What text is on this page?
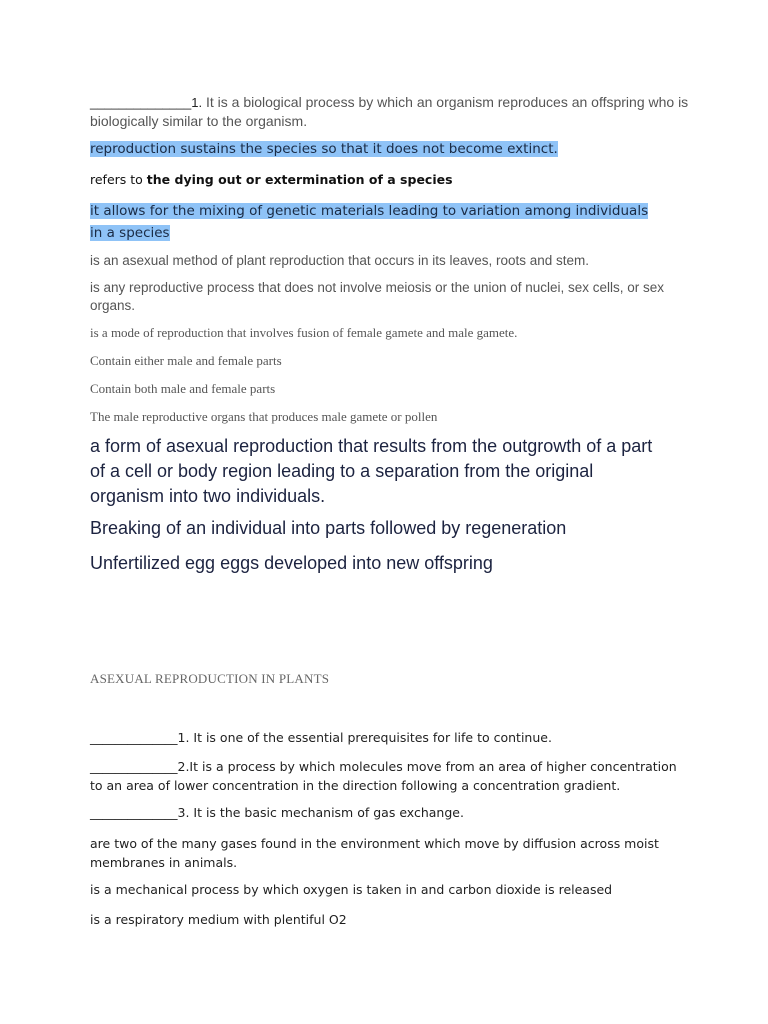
______________1. It is a biological process by which an organism reproduces an offspring who is biologically similar to the organism.

reproduction sustains the species so that it does not become extinct.

refers to the dying out or extermination of a species

it allows for the mixing of genetic materials leading to variation among individuals in a species

is an asexual method of plant reproduction that occurs in its leaves, roots and stem.

is any reproductive process that does not involve meiosis or the union of nuclei, sex cells, or sex organs.

is a mode of reproduction that involves fusion of female gamete and male gamete.

Contain either male and female parts

Contain both male and female parts

The male reproductive organs that produces male gamete or pollen

a form of asexual reproduction that results from the outgrowth of a part of a cell or body region leading to a separation from the original organism into two individuals.

Breaking of an individual into parts followed by regeneration

Unfertilized egg eggs developed into new offspring

ASEXUAL REPRODUCTION IN PLANTS

______________1. It is one of the essential prerequisites for life to continue.

______________2.It is a process by which molecules move from an area of higher concentration to an area of lower concentration in the direction following a concentration gradient.

______________3. It is the basic mechanism of gas exchange.

are two of the many gases found in the environment which move by diffusion across moist membranes in animals.

is a mechanical process by which oxygen is taken in and carbon dioxide is released

is a respiratory medium with plentiful O2
